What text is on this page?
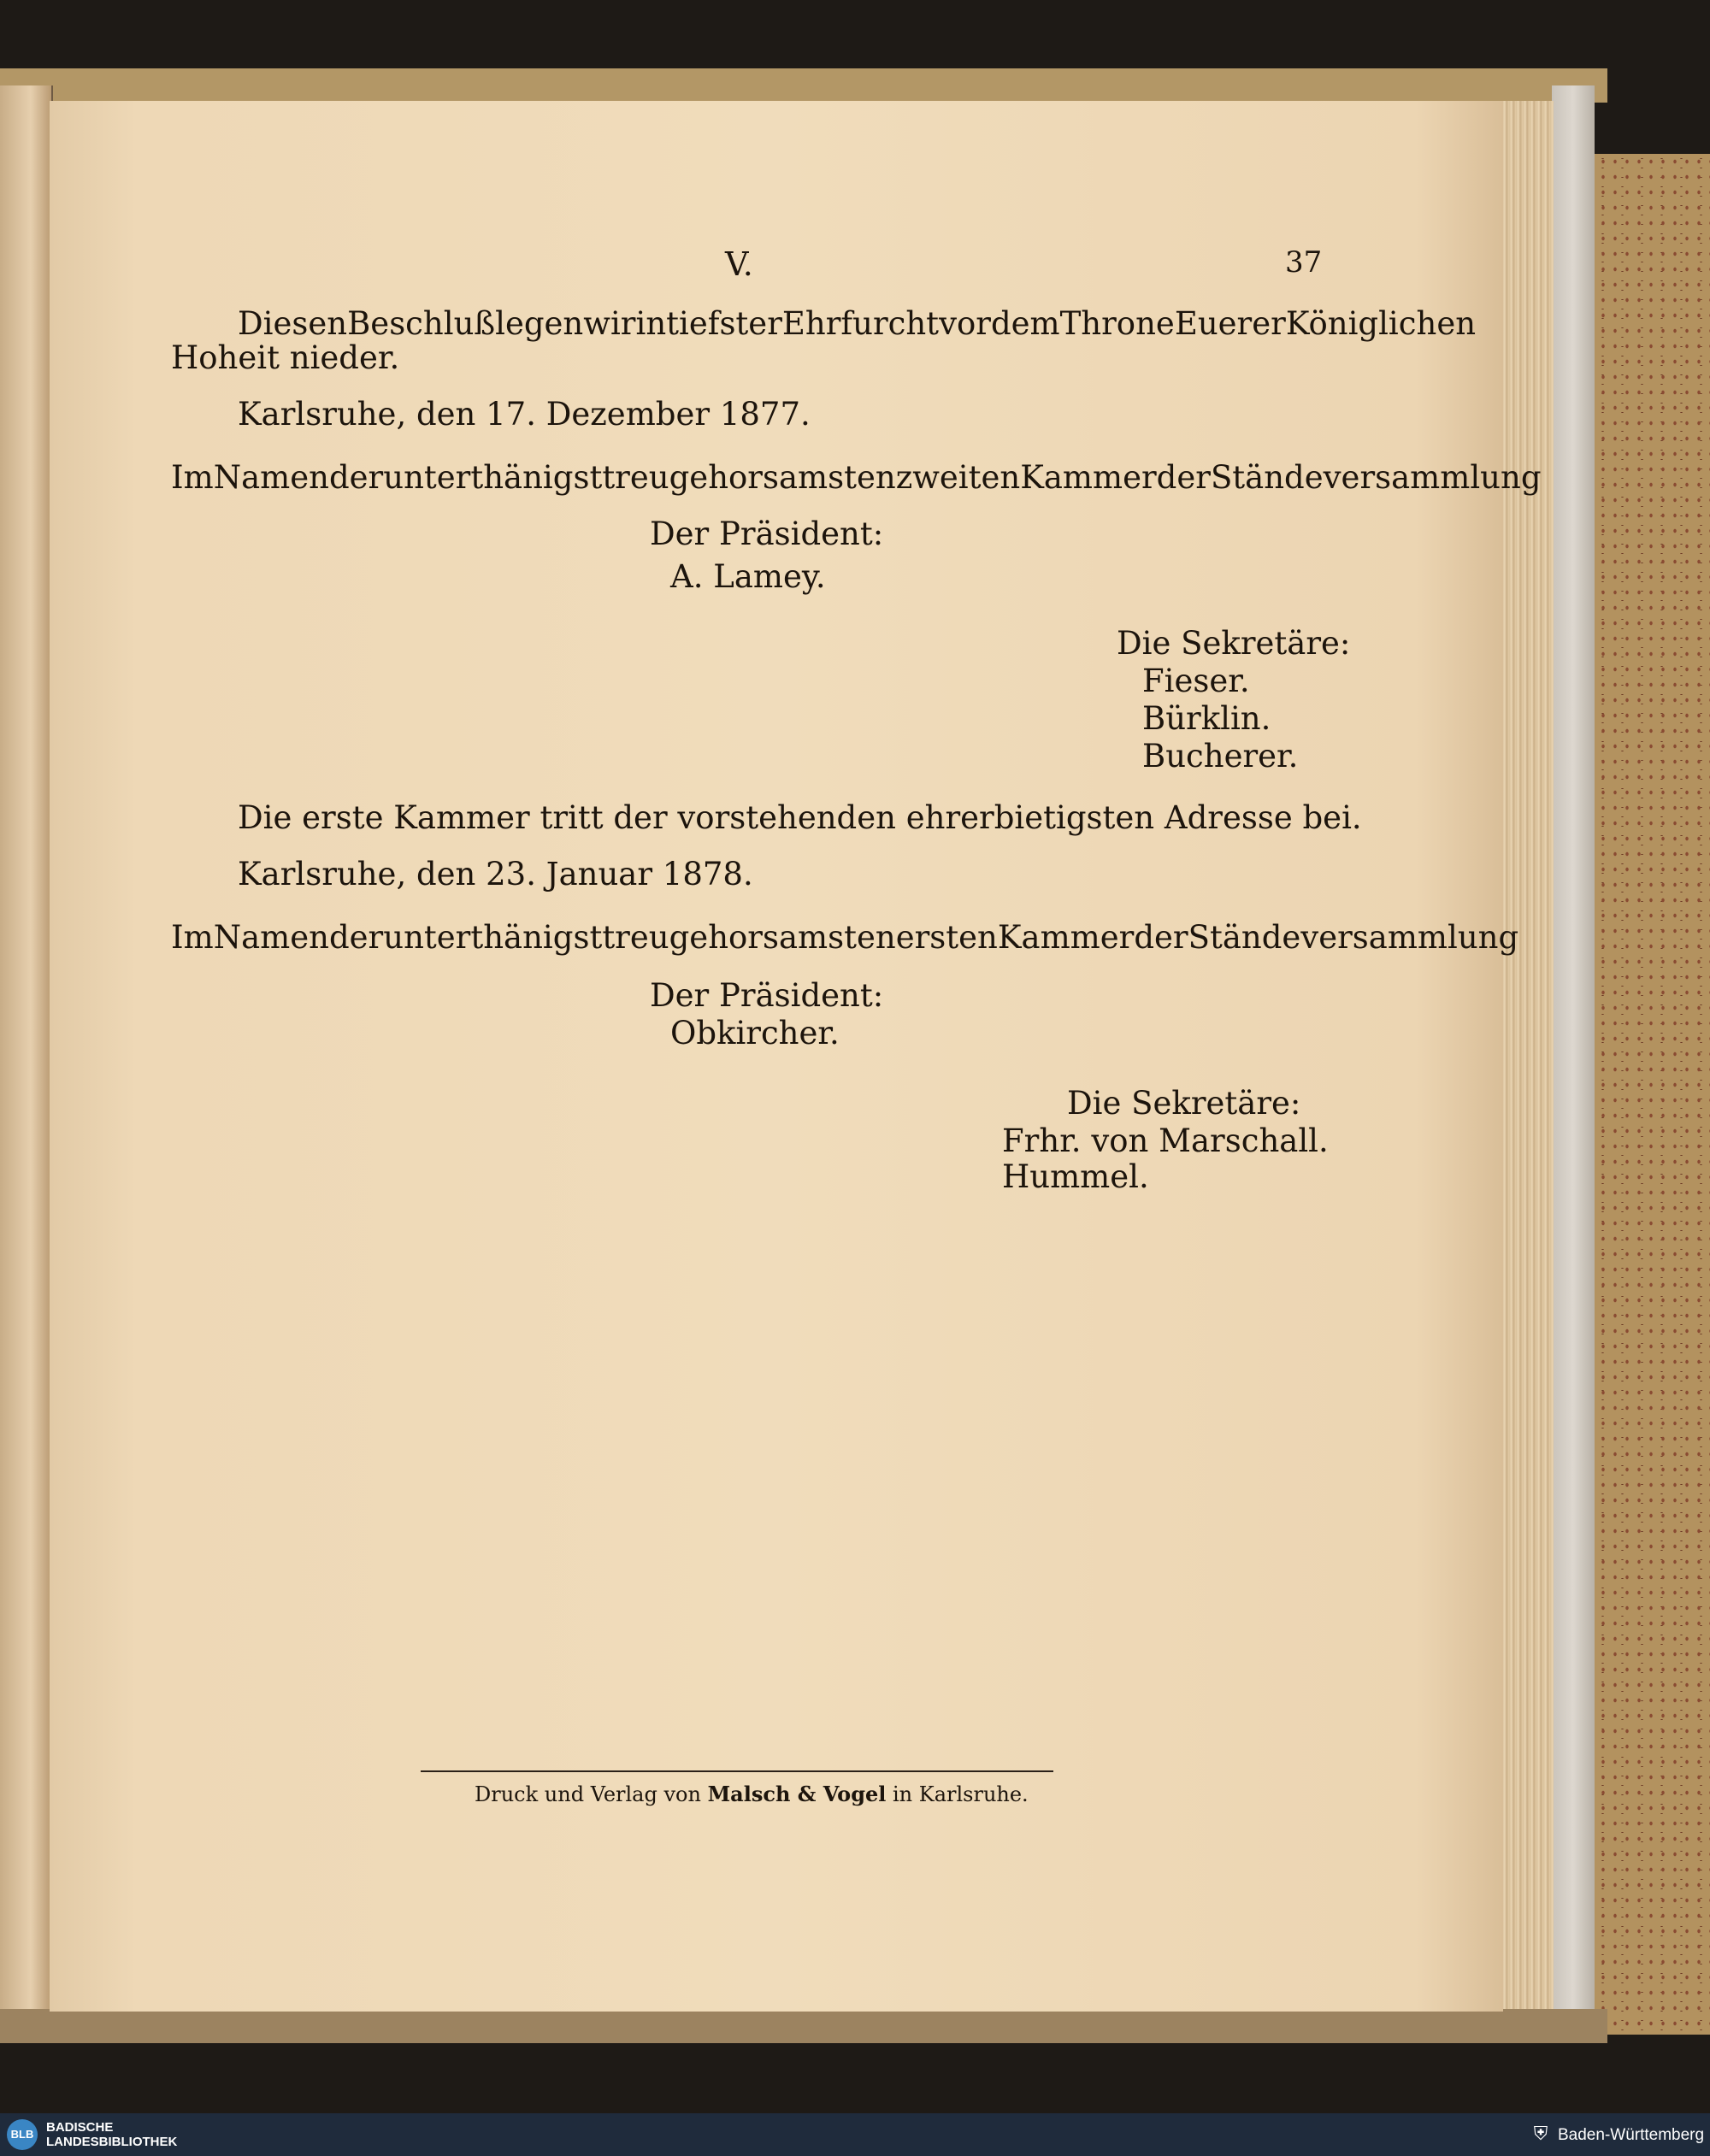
V.	37

Diesen Beschluß legen wir in tiefster Ehrfurcht vor dem Throne Euerer Königlichen

Hoheit nieder.

Karlsruhe, den 17. Dezember 1877.

Im Namen der unterthänigst treu gehorsamsten zweiten Kammer der Ständeversammlung

Der Präsident:

A. Lamey.

Die Sekretäre:

Fieser.

Bürklin.

Bucherer.

Die erste Kammer tritt der vorstehenden ehrerbietigsten Adresse bei.

Karlsruhe, den 23. Januar 1878.

Im Namen der unterthänigst treu gehorsamsten ersten Kammer der Ständeversammlung

Der Präsident:

Obkircher.

Die Sekretäre:

Frhr. von Marschall.

Hummel.

Druck und Verlag von Malsch & Vogel in Karlsruhe.

BLB BADISCHE
LANDESBIBLIOTHEK	⛨ Baden-Württemberg
